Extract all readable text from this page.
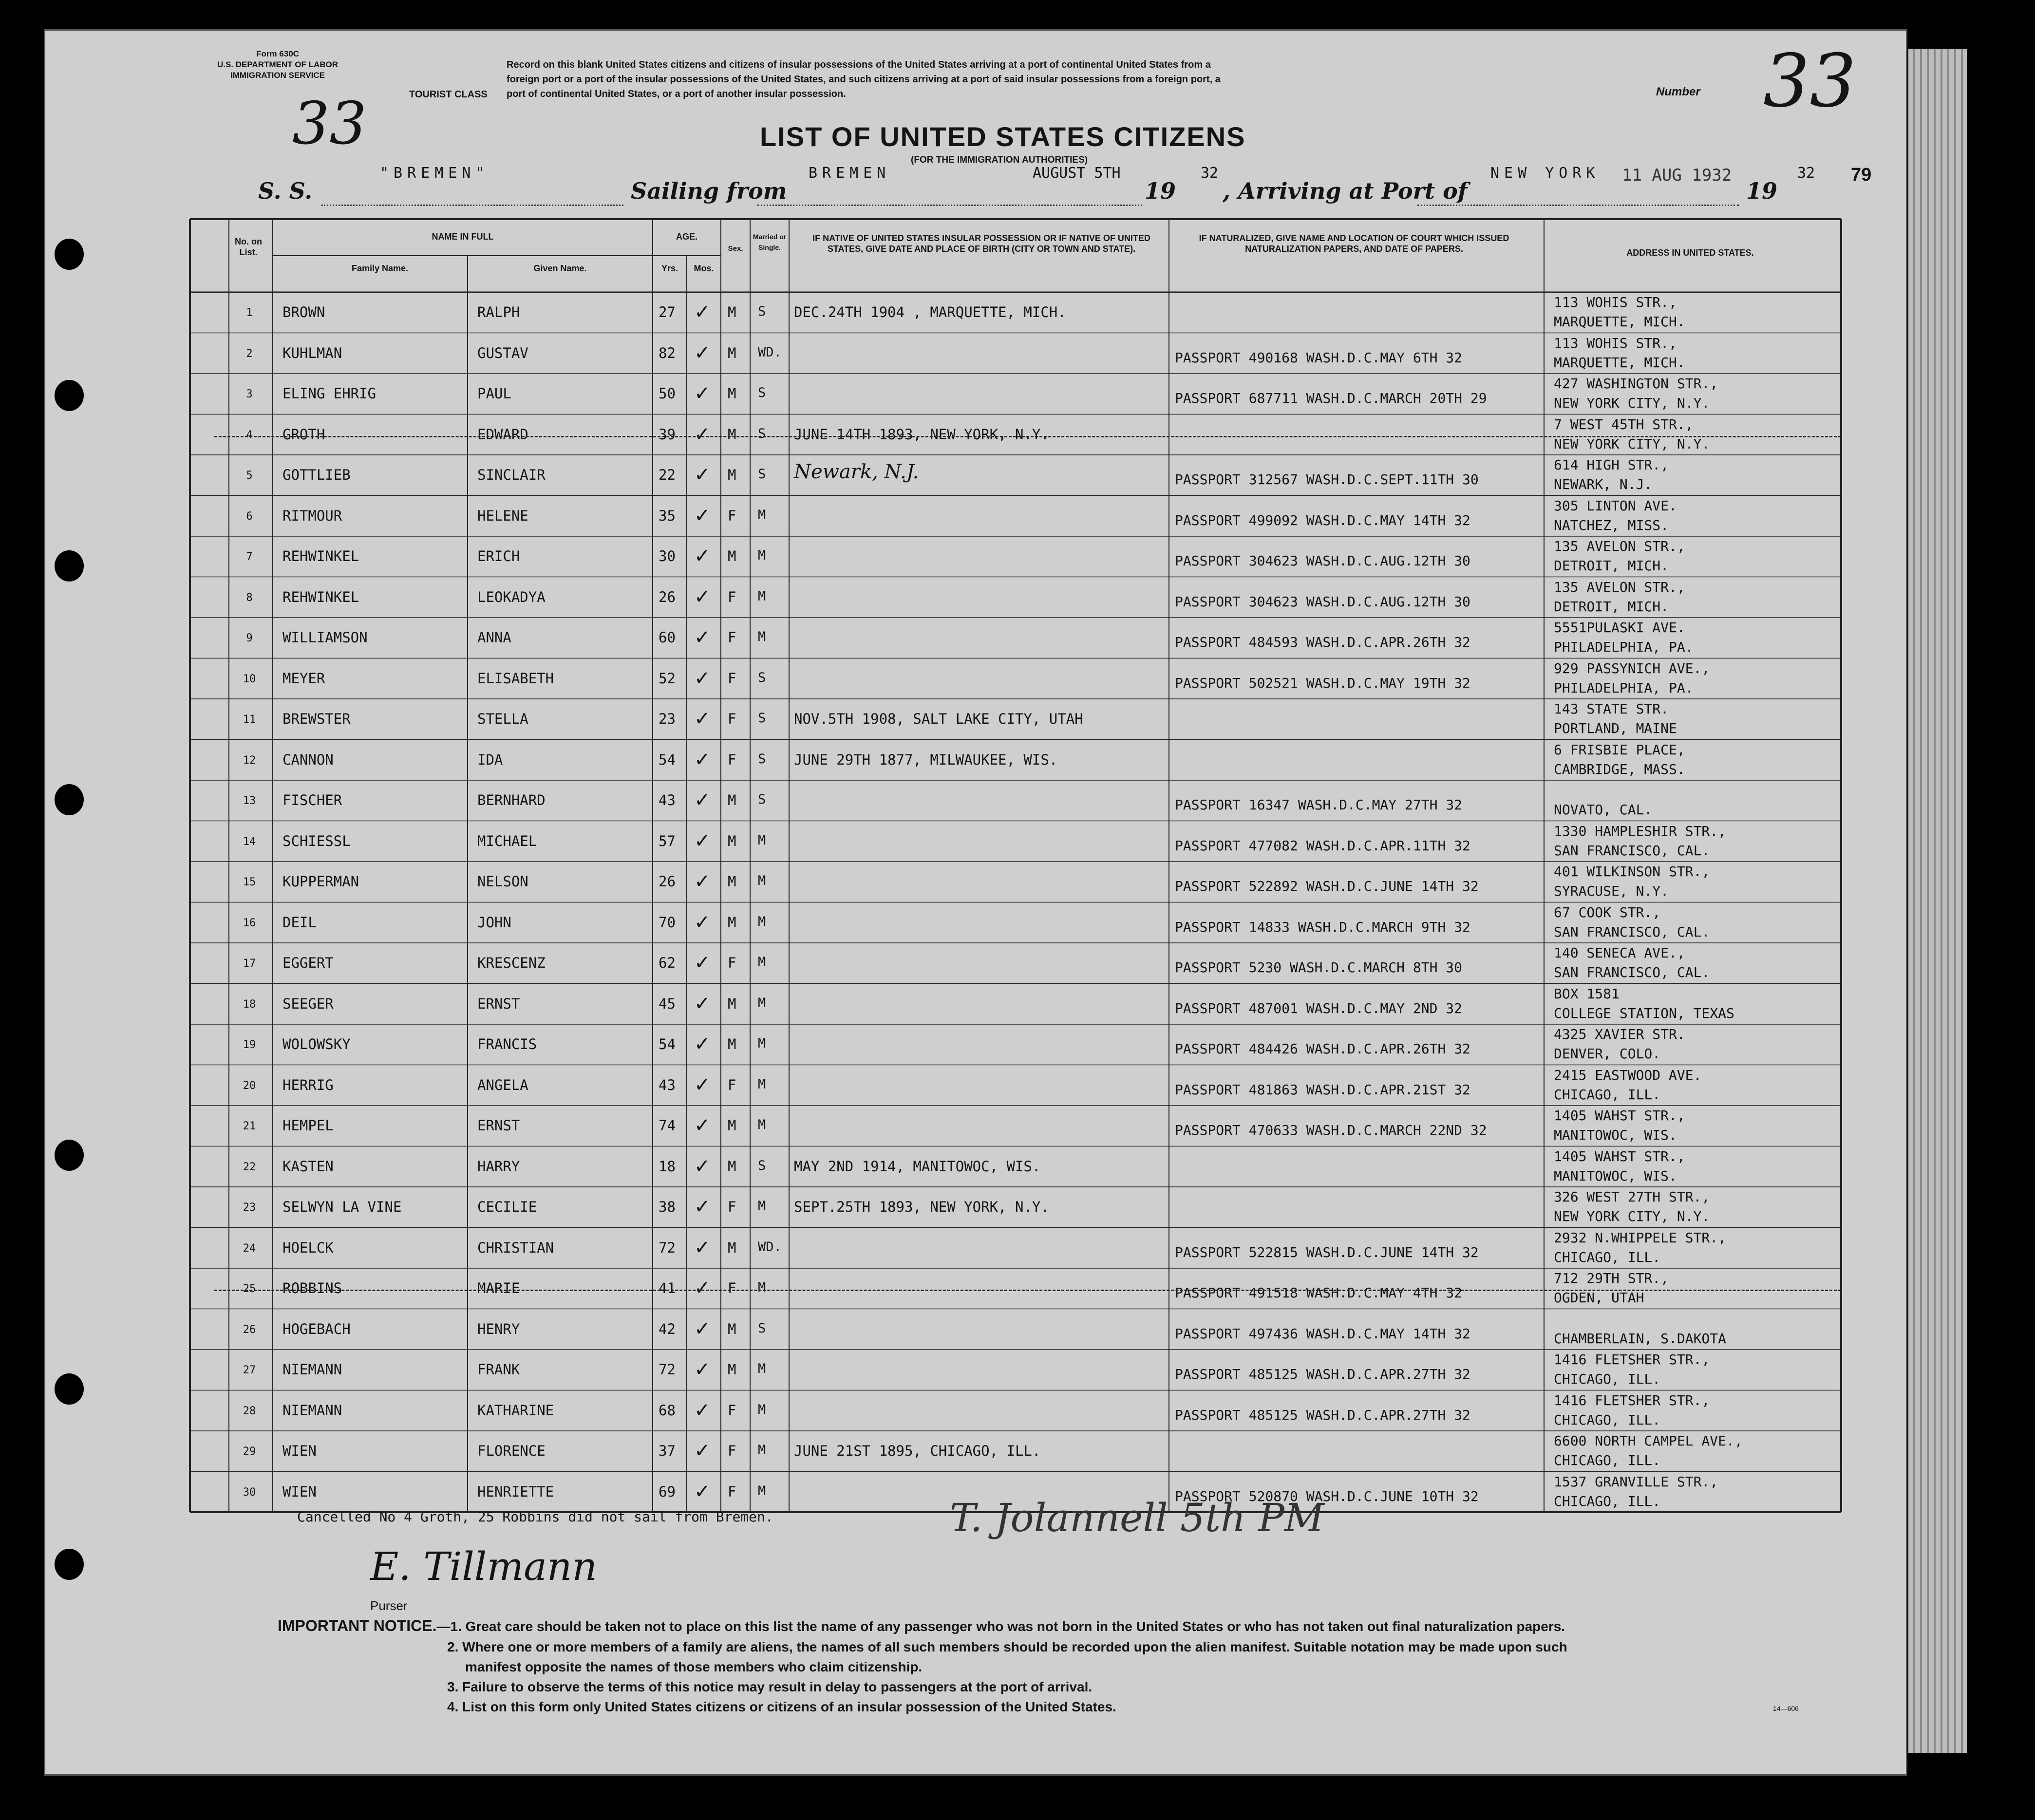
Form 630C
U.S. DEPARTMENT OF LABOR
IMMIGRATION SERVICE
TOURIST CLASS
33
Record on this blank United States citizens and citizens of insular possessions of the United States arriving at a port of continental United States from a
foreign port or a port of the insular possessions of the United States, and such citizens arriving at a port of said insular possessions from a foreign port, a
port of continental United States, or a port of another insular possession.	Number 33
LIST OF UNITED STATES CITIZENS
(FOR THE IMMIGRATION AUTHORITIES)
S. S.
"BREMEN"
Sailing from
BREMEN	AUGUST 5TH
19
32
, Arriving at Port of
NEW YORK 11 AUG 1932
19
32 79
No. on List.
NAME IN FULL
Family Name.	Given Name.
AGE.
Yrs.	Mos.
Sex.
Married or Single.
IF NATIVE OF UNITED STATES INSULAR POSSESSION OR IF NATIVE OF UNITED STATES, GIVE DATE AND PLACE OF BIRTH (CITY OR TOWN AND STATE).
IF NATURALIZED, GIVE NAME AND LOCATION OF COURT WHICH ISSUED NATURALIZATION PAPERS, AND DATE OF PAPERS.	ADDRESS IN UNITED STATES.
1	BROWN	RALPH	27 ✓ M S DEC.24TH 1904 , MARQUETTE, MICH.
113 WOHIS STR.,
MARQUETTE, MICH.
2	KUHLMAN	GUSTAV	82 ✓ M WD.	PASSPORT 490168 WASH.D.C.MAY 6TH 32
113 WOHIS STR.,
MARQUETTE, MICH.
3	ELING EHRIG	PAUL	50 ✓ M S	PASSPORT 687711 WASH.D.C.MARCH 20TH 29
427 WASHINGTON STR.,
NEW YORK CITY, N.Y.
4	GROTH	EDWARD	39 ✓ M S JUNE 14TH 1893, NEW YORK, N.Y.
7 WEST 45TH STR.,
NEW YORK CITY, N.Y.
5	GOTTLIEB	SINCLAIR	22 ✓ M S Newark, N.J.	PASSPORT 312567 WASH.D.C.SEPT.11TH 30
614 HIGH STR.,
NEWARK, N.J.
6	RITMOUR	HELENE	35 ✓ F M	PASSPORT 499092 WASH.D.C.MAY 14TH 32
305 LINTON AVE.
NATCHEZ, MISS.
7	REHWINKEL	ERICH	30 ✓ M M	PASSPORT 304623 WASH.D.C.AUG.12TH 30
135 AVELON STR.,
DETROIT, MICH.
8	REHWINKEL	LEOKADYA	26 ✓ F M	PASSPORT 304623 WASH.D.C.AUG.12TH 30
135 AVELON STR.,
DETROIT, MICH.
9	WILLIAMSON	ANNA	60 ✓ F M	PASSPORT 484593 WASH.D.C.APR.26TH 32
5551PULASKI AVE.
PHILADELPHIA, PA.
10	MEYER	ELISABETH	52 ✓ F S	PASSPORT 502521 WASH.D.C.MAY 19TH 32
929 PASSYNICH AVE.,
PHILADELPHIA, PA.
11	BREWSTER	STELLA	23 ✓ F S NOV.5TH 1908, SALT LAKE CITY, UTAH
143 STATE STR.
PORTLAND, MAINE
12	CANNON	IDA	54 ✓ F S JUNE 29TH 1877, MILWAUKEE, WIS.
6 FRISBIE PLACE,
CAMBRIDGE, MASS.
13	FISCHER	BERNHARD	43 ✓ M S	PASSPORT 16347 WASH.D.C.MAY 27TH 32	NOVATO, CAL.
14	SCHIESSL	MICHAEL	57 ✓ M M	PASSPORT 477082 WASH.D.C.APR.11TH 32
1330 HAMPLESHIR STR.,
SAN FRANCISCO, CAL.
15	KUPPERMAN	NELSON	26 ✓ M M	PASSPORT 522892 WASH.D.C.JUNE 14TH 32
401 WILKINSON STR.,
SYRACUSE, N.Y.
16	DEIL	JOHN	70 ✓ M M	PASSPORT 14833 WASH.D.C.MARCH 9TH 32
67 COOK STR.,
SAN FRANCISCO, CAL.
17	EGGERT	KRESCENZ	62 ✓ F M	PASSPORT 5230 WASH.D.C.MARCH 8TH 30
140 SENECA AVE.,
SAN FRANCISCO, CAL.
18	SEEGER	ERNST	45 ✓ M M	PASSPORT 487001 WASH.D.C.MAY 2ND 32
BOX 1581
COLLEGE STATION, TEXAS
19	WOLOWSKY	FRANCIS	54 ✓ M M	PASSPORT 484426 WASH.D.C.APR.26TH 32
4325 XAVIER STR.
DENVER, COLO.
20	HERRIG	ANGELA	43 ✓ F M	PASSPORT 481863 WASH.D.C.APR.21ST 32
2415 EASTWOOD AVE.
CHICAGO, ILL.
21	HEMPEL	ERNST	74 ✓ M M	PASSPORT 470633 WASH.D.C.MARCH 22ND 32
1405 WAHST STR.,
MANITOWOC, WIS.
22	KASTEN	HARRY	18 ✓ M S MAY 2ND 1914, MANITOWOC, WIS.
1405 WAHST STR.,
MANITOWOC, WIS.
23	SELWYN LA VINE	CECILIE	38 ✓ F M SEPT.25TH 1893, NEW YORK, N.Y.
326 WEST 27TH STR.,
NEW YORK CITY, N.Y.
24	HOELCK	CHRISTIAN	72 ✓ M WD.	PASSPORT 522815 WASH.D.C.JUNE 14TH 32
2932 N.WHIPPELE STR.,
CHICAGO, ILL.
25	ROBBINS	MARIE	41 ✓ F M	PASSPORT 491518 WASH.D.C.MAY 4TH 32
712 29TH STR.,
OGDEN, UTAH
26	HOGEBACH	HENRY	42 ✓ M S	PASSPORT 497436 WASH.D.C.MAY 14TH 32	CHAMBERLAIN, S.DAKOTA
27	NIEMANN	FRANK	72 ✓ M M	PASSPORT 485125 WASH.D.C.APR.27TH 32
1416 FLETSHER STR.,
CHICAGO, ILL.
28	NIEMANN	KATHARINE	68 ✓ F M	PASSPORT 485125 WASH.D.C.APR.27TH 32
1416 FLETSHER STR.,
CHICAGO, ILL.
29	WIEN	FLORENCE	37 ✓ F M JUNE 21ST 1895, CHICAGO, ILL.
6600 NORTH CAMPEL AVE.,
CHICAGO, ILL.
30	WIEN	HENRIETTE	69 ✓ F M	PASSPORT 520870 WASH.D.C.JUNE 10TH 32
1537 GRANVILLE STR.,
CHICAGO, ILL.
Cancelled No 4 Groth, 25 Robbins did not sail from Bremen.	T. Jolannell 5th PM
E. Tillmann
Purser
IMPORTANT NOTICE.—1. Great care should be taken not to place on this list the name of any passenger who was not born in the United States or who has not taken out final naturalization papers.
2. Where one or more members of a family are aliens, the names of all such members should be recorded upon the alien manifest. Suitable notation may be made upon such
manifest opposite the names of those members who claim citizenship.
3. Failure to observe the terms of this notice may result in delay to passengers at the port of arrival.
4. List on this form only United States citizens or citizens of an insular possession of the United States.	14—606
